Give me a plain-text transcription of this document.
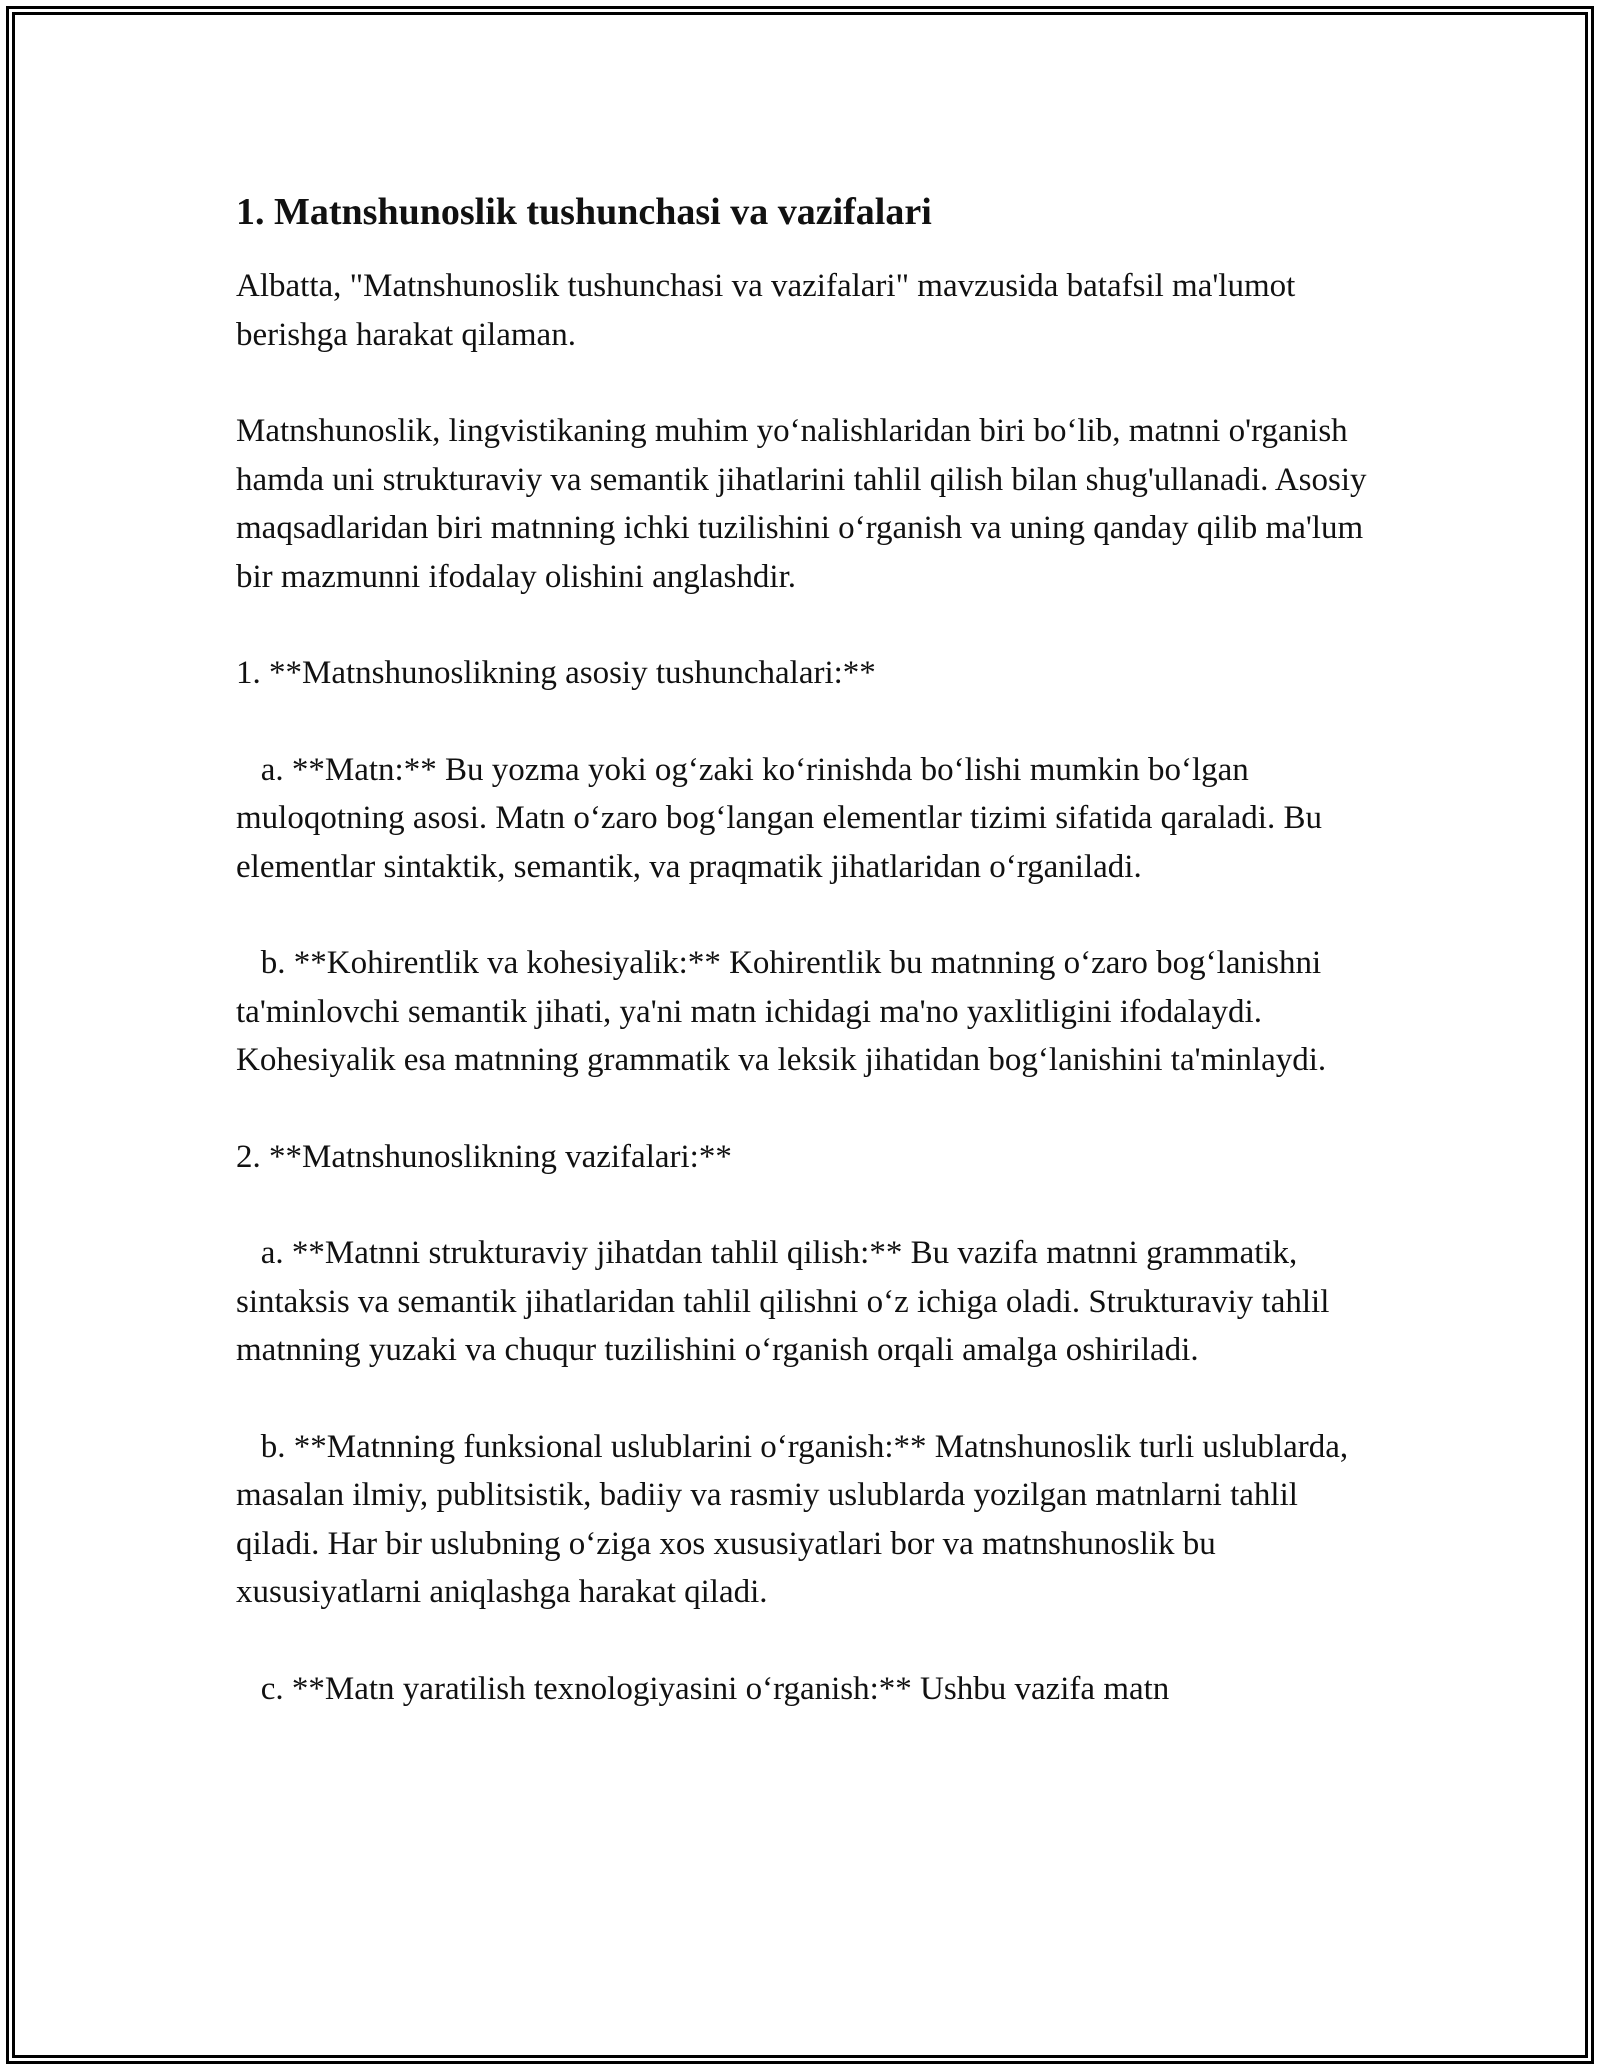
1. Matnshunoslik tushunchasi va vazifalari

Albatta, "Matnshunoslik tushunchasi va vazifalari" mavzusida batafsil ma'lumot berishga harakat qilaman.

Matnshunoslik, lingvistikaning muhim yo‘nalishlaridan biri bo‘lib, matnni o'rganish hamda uni strukturaviy va semantik jihatlarini tahlil qilish bilan shug'ullanadi. Asosiy maqsadlaridan biri matnning ichki tuzilishini o‘rganish va uning qanday qilib ma'lum bir mazmunni ifodalay olishini anglashdir.

1. **Matnshunoslikning asosiy tushunchalari:**

a. **Matn:** Bu yozma yoki og‘zaki ko‘rinishda bo‘lishi mumkin bo‘lgan muloqotning asosi. Matn o‘zaro bog‘langan elementlar tizimi sifatida qaraladi. Bu elementlar sintaktik, semantik, va praqmatik jihatlaridan o‘rganiladi.

b. **Kohirentlik va kohesiyalik:** Kohirentlik bu matnning o‘zaro bog‘lanishni ta'minlovchi semantik jihati, ya'ni matn ichidagi ma'no yaxlitligini ifodalaydi. Kohesiyalik esa matnning grammatik va leksik jihatidan bog‘lanishini ta'minlaydi.

2. **Matnshunoslikning vazifalari:**

a. **Matnni strukturaviy jihatdan tahlil qilish:** Bu vazifa matnni grammatik, sintaksis va semantik jihatlaridan tahlil qilishni o‘z ichiga oladi. Strukturaviy tahlil matnning yuzaki va chuqur tuzilishini o‘rganish orqali amalga oshiriladi.

b. **Matnning funksional uslublarini o‘rganish:** Matnshunoslik turli uslublarda, masalan ilmiy, publitsistik, badiiy va rasmiy uslublarda yozilgan matnlarni tahlil qiladi. Har bir uslubning o‘ziga xos xususiyatlari bor va matnshunoslik bu xususiyatlarni aniqlashga harakat qiladi.

c. **Matn yaratilish texnologiyasini o‘rganish:** Ushbu vazifa matn
